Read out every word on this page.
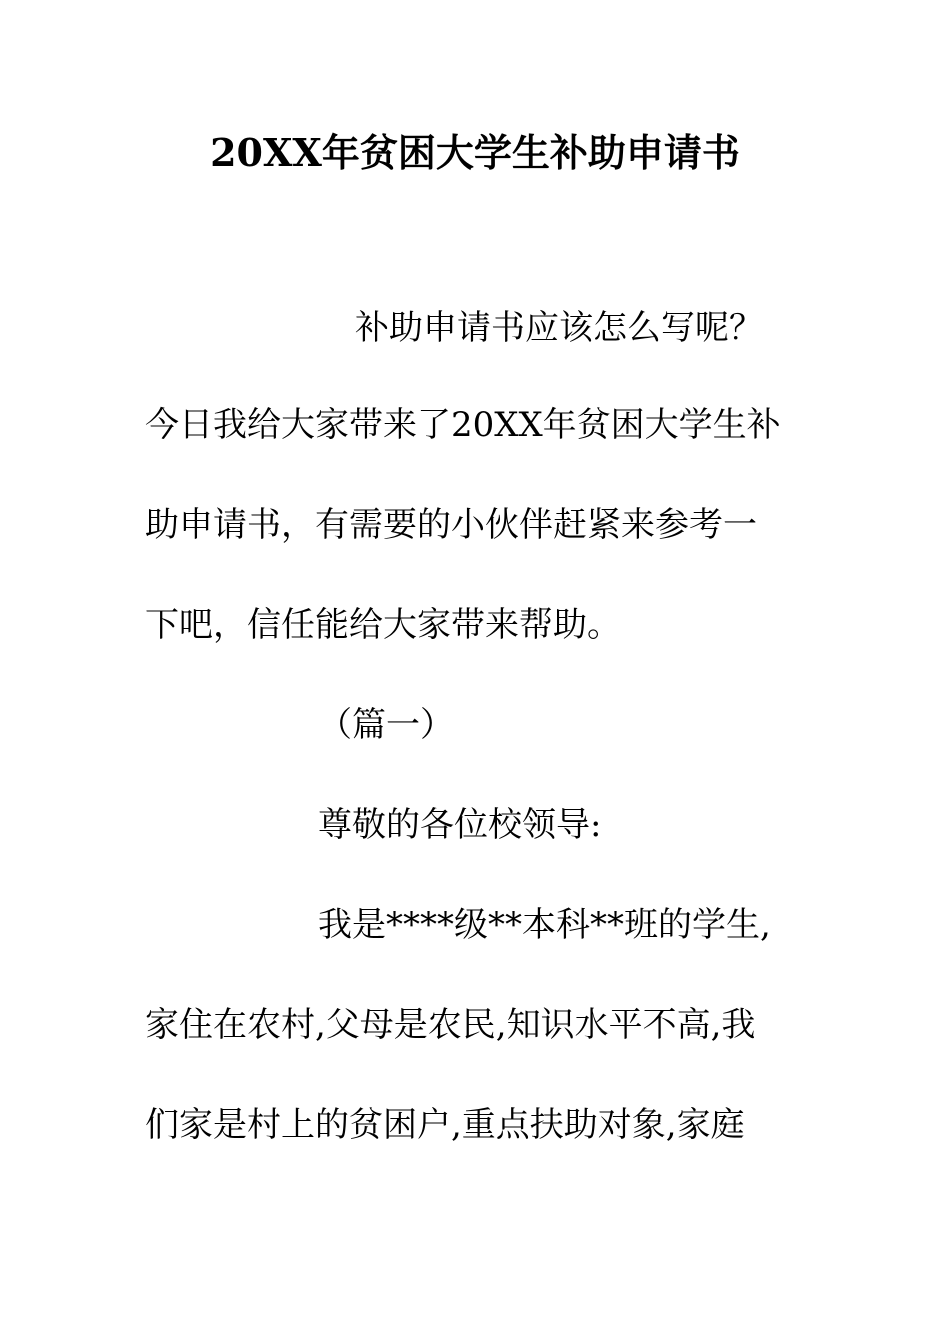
20XX年贫困大学生补助申请书
补助申请书应该怎么写呢？
今日我给大家带来了20XX年贫困大学生补
助申请书，有需要的小伙伴赶紧来参考一
下吧，信任能给大家带来帮助。
（篇一）
尊敬的各位校领导:
我是****级**本科**班的学生,
家住在农村,父母是农民,知识水平不高,我
们家是村上的贫困户,重点扶助对象,家庭
